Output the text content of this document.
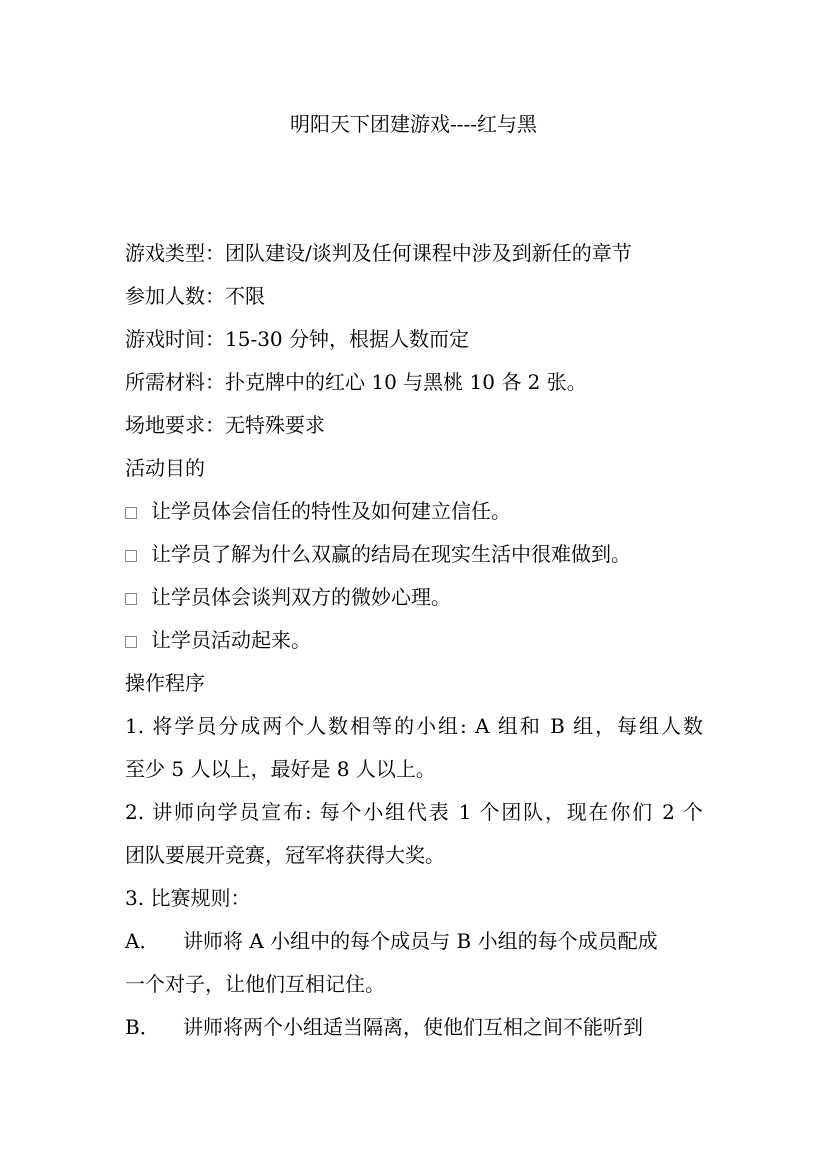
明阳天下团建游戏----红与黑
游戏类型：团队建设/谈判及任何课程中涉及到新任的章节
参加人数：不限
游戏时间：15-30 分钟，根据人数而定
所需材料：扑克牌中的红心 10 与黑桃 10 各 2 张。
场地要求：无特殊要求
活动目的
让学员体会信任的特性及如何建立信任。
让学员了解为什么双赢的结局在现实生活中很难做到。
让学员体会谈判双方的微妙心理。
让学员活动起来。
操作程序
1. 将学员分成两个人数相等的小组: A 组和 B 组，每组人数
至少 5 人以上，最好是 8 人以上。
2. 讲师向学员宣布: 每个小组代表 1 个团队，现在你们 2 个
团队要展开竞赛，冠军将获得大奖。
3. 比赛规则：
A． 讲师将 A 小组中的每个成员与 B 小组的每个成员配成
一个对子，让他们互相记住。
B． 讲师将两个小组适当隔离，使他们互相之间不能听到
